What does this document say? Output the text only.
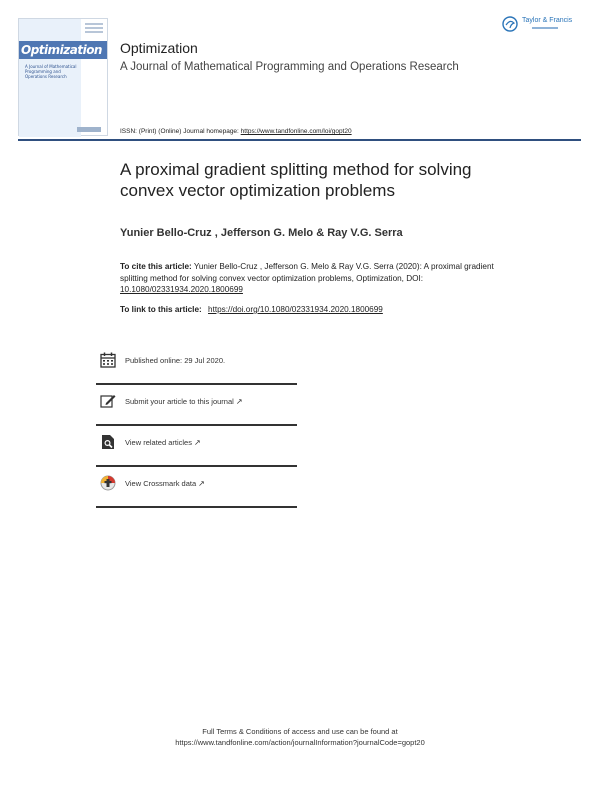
Optimization
A Journal of Mathematical
Programming and
Operations Research
Taylor & Francis
Optimization
A Journal of Mathematical Programming and Operations Research
ISSN: (Print) (Online) Journal homepage: https://www.tandfonline.com/loi/gopt20
A proximal gradient splitting method for solving convex vector optimization problems
Yunier Bello-Cruz , Jefferson G. Melo & Ray V.G. Serra
To cite this article: Yunier Bello-Cruz , Jefferson G. Melo & Ray V.G. Serra (2020): A proximal gradient splitting method for solving convex vector optimization problems, Optimization, DOI: 10.1080/02331934.2020.1800699
To link to this article: https://doi.org/10.1080/02331934.2020.1800699
Published online: 29 Jul 2020.
Submit your article to this journal ↗
View related articles ↗
View Crossmark data ↗
Full Terms & Conditions of access and use can be found at
https://www.tandfonline.com/action/journalInformation?journalCode=gopt20
